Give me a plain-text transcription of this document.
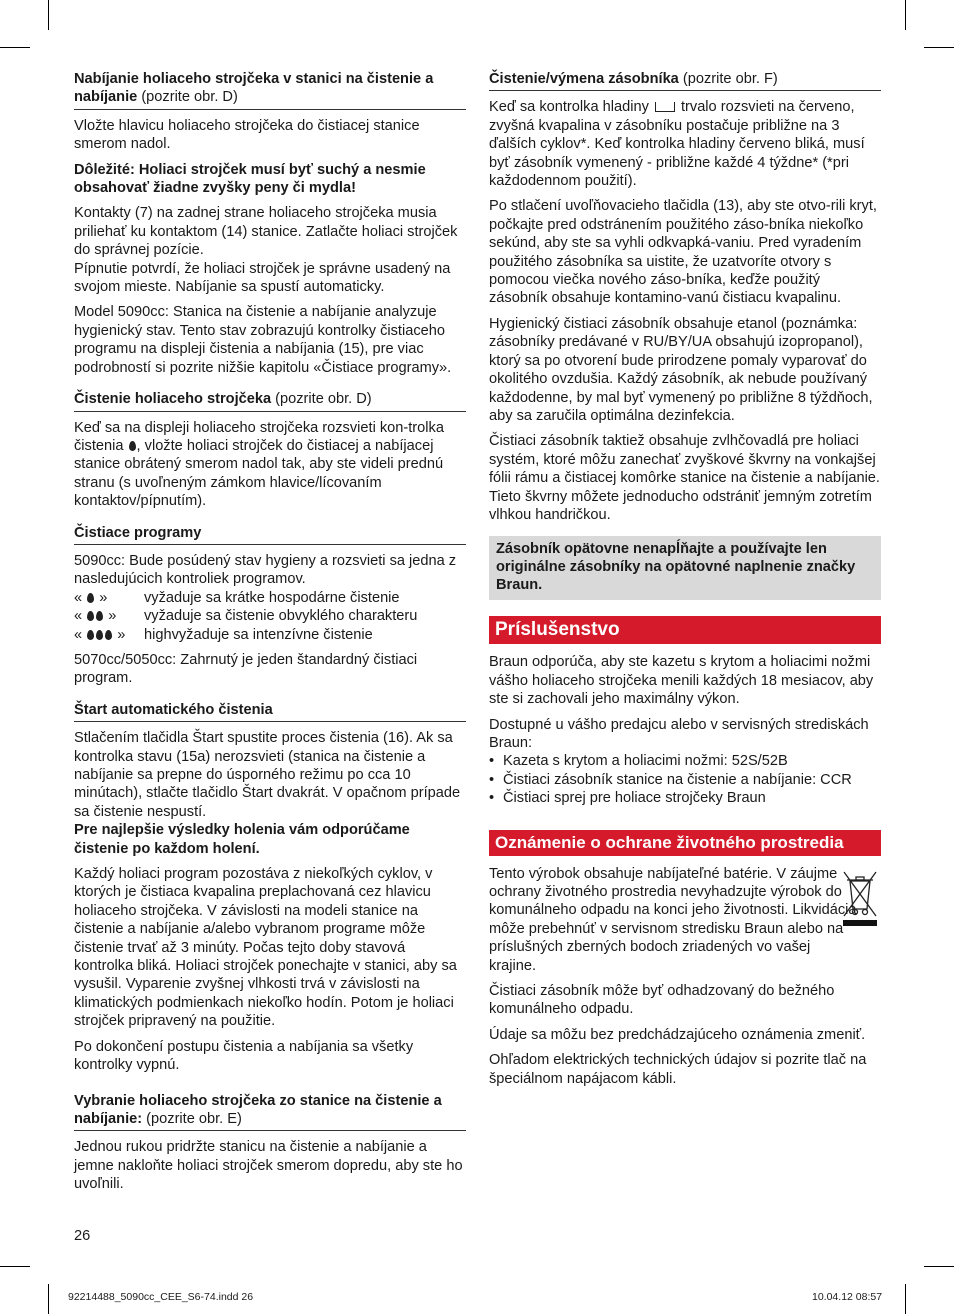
Nabíjanie holiaceho strojčeka v stanici na čistenie a nabíjanie (pozrite obr. D)

Vložte hlavicu holiaceho strojčeka do čistiacej stanice smerom nadol.

Dôležité: Holiaci strojček musí byť suchý a nesmie obsahovať žiadne zvyšky peny či mydla!

Kontakty (7) na zadnej strane holiaceho strojčeka musia priliehať ku kontaktom (14) stanice. Zatlačte holiaci strojček do správnej pozície.

Pípnutie potvrdí, že holiaci strojček je správne usadený na svojom mieste. Nabíjanie sa spustí automaticky.

Model 5090cc: Stanica na čistenie a nabíjanie analyzuje hygienický stav. Tento stav zobrazujú kontrolky čistiaceho programu na displeji čistenia a nabíjania (15), pre viac podrobností si pozrite nižšie kapitolu «Čistiace programy».

Čistenie holiaceho strojčeka (pozrite obr. D)

Keď sa na displeji holiaceho strojčeka rozsvieti kon-trolka čistenia , vložte holiaci strojček do čistiacej a nabíjacej stanice obrátený smerom nadol tak, aby ste videli prednú stranu (s uvoľneným zámkom hlavice/lícovaním kontaktov/pípnutím).

Čistiace programy

5090cc: Bude posúdený stav hygieny a rozsvieti sa jedna z nasledujúcich kontroliek programov.

«  »	vyžaduje sa krátke hospodárne čistenie
«  »	vyžaduje sa čistenie obvyklého charakteru
«  »	highvyžaduje sa intenzívne čistenie

5070cc/5050cc: Zahrnutý je jeden štandardný čistiaci program.

Štart automatického čistenia

Stlačením tlačidla Štart spustite proces čistenia (16). Ak sa kontrolka stavu (15a) nerozsvieti (stanica na čistenie a nabíjanie sa prepne do úsporného režimu po cca 10 minútach), stlačte tlačidlo Štart dvakrát. V opačnom prípade sa čistenie nespustí.

Pre najlepšie výsledky holenia vám odporúčame čistenie po každom holení.

Každý holiaci program pozostáva z niekoľkých cyklov, v ktorých je čistiaca kvapalina preplachovaná cez hlavicu holiaceho strojčeka. V závislosti na modeli stanice na čistenie a nabíjanie a/alebo vybranom programe môže čistenie trvať až 3 minúty. Počas tejto doby stavová kontrolka bliká. Holiaci strojček ponechajte v stanici, aby sa vysušil. Vyparenie zvyšnej vlhkosti trvá v závislosti na klimatických podmienkach niekoľko hodín. Potom je holiaci strojček pripravený na použitie.

Po dokončení postupu čistenia a nabíjania sa všetky kontrolky vypnú.

Vybranie holiaceho strojčeka zo stanice na čistenie a nabíjanie: (pozrite obr. E)

Jednou rukou pridržte stanicu na čistenie a nabíjanie a jemne nakloňte holiaci strojček smerom dopredu, aby ste ho uvoľnili.

Čistenie/výmena zásobníka (pozrite obr. F)

Keď sa kontrolka hladiny  trvalo rozsvieti na červeno, zvyšná kvapalina v zásobníku postačuje približne na 3 ďalších cyklov*. Keď kontrolka hladiny červeno bliká, musí byť zásobník vymenený - približne každé 4 týždne* (*pri každodennom použití).

Po stlačení uvoľňovacieho tlačidla (13), aby ste otvo-rili kryt, počkajte pred odstránením použitého záso-bníka niekoľko sekúnd, aby ste sa vyhli odkvapká-vaniu. Pred vyradením použitého zásobníka sa uistite, že uzatvoríte otvory s pomocou viečka nového záso-bníka, keďže použitý zásobník obsahuje kontamino-vanú čistiacu kvapalinu.

Hygienický čistiaci zásobník obsahuje etanol (poznámka: zásobníky predávané v RU/BY/UA obsahujú izopropanol), ktorý sa po otvorení bude prirodzene pomaly vyparovať do okolitého ovzdušia. Každý zásobník, ak nebude používaný každodenne, by mal byť vymenený po približne 8 týždňoch, aby sa zaručila optimálna dezinfekcia.

Čistiaci zásobník taktiež obsahuje zvlhčovadlá pre holiaci systém, ktoré môžu zanechať zvyškové škvrny na vonkajšej fólii rámu a čistiacej komôrke stanice na čistenie a nabíjanie. Tieto škvrny môžete jednoducho odstrániť jemným zotretím vlhkou handričkou.

Zásobník opätovne nenapĺňajte a používajte len originálne zásobníky na opätovné naplnenie značky Braun.
Príslušenstvo

Braun odporúča, aby ste kazetu s krytom a holiacimi nožmi vášho holiaceho strojčeka menili každých 18 mesiacov, aby ste si zachovali jeho maximálny výkon.

Dostupné u vášho predajcu alebo v servisných strediskách Braun:

• Kazeta s krytom a holiacimi nožmi: 52S/52B
• Čistiaci zásobník stanice na čistenie a nabíjanie: CCR
• Čistiaci sprej pre holiace strojčeky Braun
Oznámenie o ochrane životného prostredia

Tento výrobok obsahuje nabíjateľné batérie. V záujme ochrany životného prostredia nevyhadzujte výrobok do komunálneho odpadu na konci jeho životnosti. Likvidácia môže prebehnúť v servisnom stredisku Braun alebo na príslušných zberných bodoch zriadených vo vašej krajine.

Čistiaci zásobník môže byť odhadzovaný do bežného komunálneho odpadu.

Údaje sa môžu bez predchádzajúceho oznámenia zmeniť.

Ohľadom elektrických technických údajov si pozrite tlač na špeciálnom napájacom kábli.

26
92214488_5090cc_CEE_S6-74.indd 26	10.04.12 08:57
